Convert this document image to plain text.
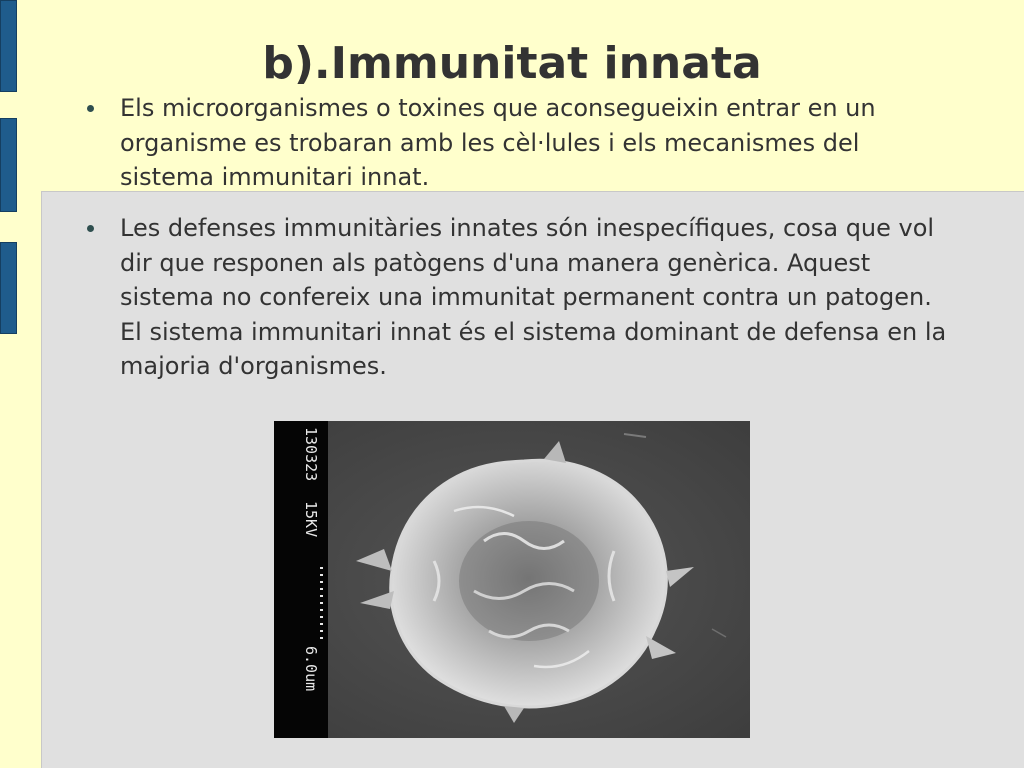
b).Immunitat innata
Els microorganismes o toxines que aconsegueixin entrar en un organisme es trobaran amb les cèl·lules i els mecanismes del sistema immunitari innat.
Les defenses immunitàries innates són inespecífiques, cosa que vol dir que responen als patògens d'una manera genèrica. Aquest sistema no confereix una immunitat permanent contra un patogen. El sistema immunitari innat és el sistema dominant de defensa en la majoria d'organismes.
130323
15KV
6.0um
